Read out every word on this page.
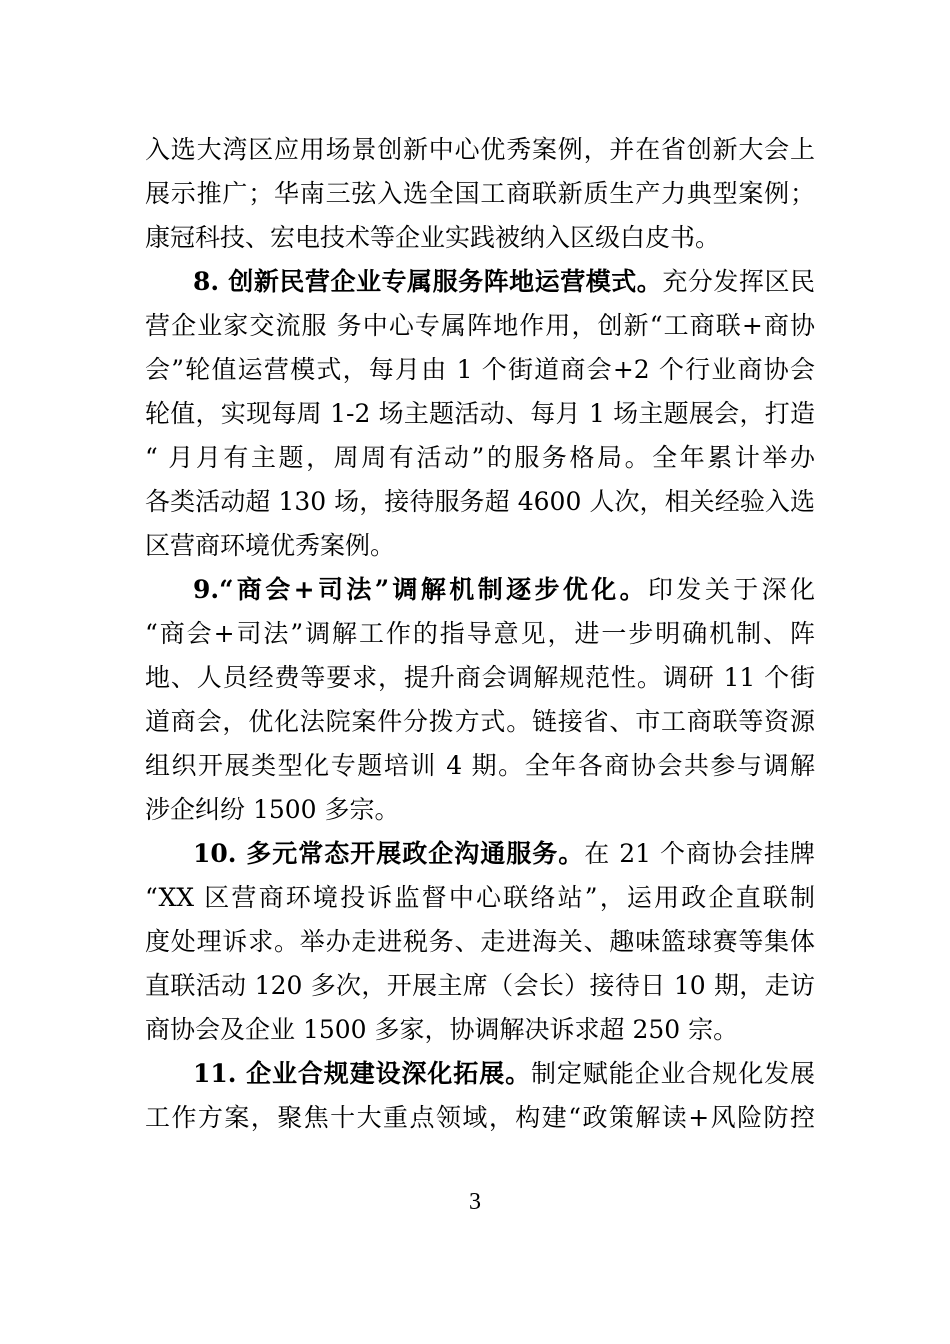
入选大湾区应用场景创新中心优秀案例，并在省创新大会上
展示推广；华南三弦入选全国工商联新质生产力典型案例；
康冠科技、宏电技术等企业实践被纳入区级白皮书。
8. 创新民营企业专属服务阵地运营模式。充分发挥区民
营企业家交流服 务中心专属阵地作用，创新“工商联+商协
会”轮值运营模式，每月由 1 个街道商会+2 个行业商协会
轮值，实现每周 1-2 场主题活动、每月 1 场主题展会，打造
“ 月月有主题，周周有活动”的服务格局。全年累计举办
各类活动超 130 场，接待服务超 4600 人次，相关经验入选
区营商环境优秀案例。
9.“商会+司法”调解机制逐步优化。印发关于深化
“商会+司法”调解工作的指导意见，进一步明确机制、阵
地、人员经费等要求，提升商会调解规范性。调研 11 个街
道商会，优化法院案件分拨方式。链接省、市工商联等资源
组织开展类型化专题培训 4 期。全年各商协会共参与调解
涉企纠纷 1500 多宗。
10. 多元常态开展政企沟通服务。在 21 个商协会挂牌
“XX 区营商环境投诉监督中心联络站”，运用政企直联制
度处理诉求。举办走进税务、走进海关、趣味篮球赛等集体
直联活动 120 多次，开展主席（会长）接待日 10 期，走访
商协会及企业 1500 多家，协调解决诉求超 250 宗。
11. 企业合规建设深化拓展。制定赋能企业合规化发展
工作方案，聚焦十大重点领域，构建“政策解读+风险防控
3
